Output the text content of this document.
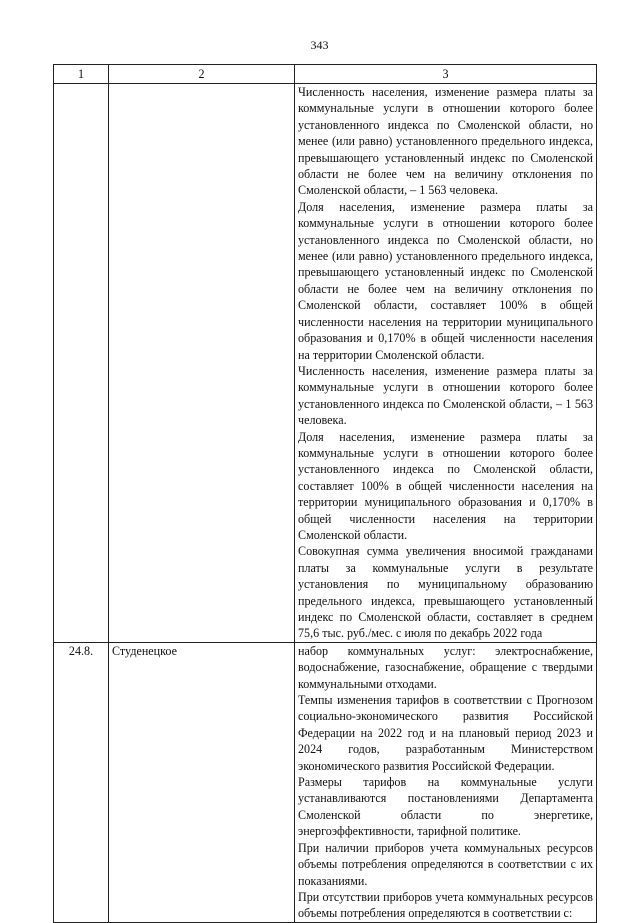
343
1	2	3

		Численность населения, изменение размера платы за коммунальные услуги в отношении которого более установленного индекса по Смоленской области, но менее (или равно) установленного предельного индекса, превышающего установленный индекс по Смоленской области не более чем на величину отклонения по Смоленской области, – 1 563 человека.

Доля населения, изменение размера платы за коммунальные услуги в отношении которого более установленного индекса по Смоленской области, но менее (или равно) установленного предельного индекса, превышающего установленный индекс по Смоленской области не более чем на величину отклонения по Смоленской области, составляет 100% в общей численности населения на территории муниципального образования и 0,170% в общей численности населения на территории Смоленской области.

Численность населения, изменение размера платы за коммунальные услуги в отношении которого более установленного индекса по Смоленской области, – 1 563 человека.

Доля населения, изменение размера платы за коммунальные услуги в отношении которого более установленного индекса по Смоленской области, составляет 100% в общей численности населения на территории муниципального образования и 0,170% в общей численности населения на территории Смоленской области.

Совокупная сумма увеличения вносимой гражданами платы за коммунальные услуги в результате установления по муниципальному образованию предельного индекса, превышающего установленный индекс по Смоленской области, составляет в среднем 75,6 тыс. руб./мес. с июля по декабрь 2022 года

24.8.	Студенецкое	набор коммунальных услуг: электроснабжение, водоснабжение, газоснабжение, обращение с твердыми коммунальными отходами.

Темпы изменения тарифов в соответствии с Прогнозом социально-экономического развития Российской Федерации на 2022 год и на плановый период 2023 и 2024 годов, разработанным Министерством экономического развития Российской Федерации.

Размеры тарифов на коммунальные услуги устанавливаются постановлениями Департамента Смоленской области по энергетике, энергоэффективности, тарифной политике.

При наличии приборов учета коммунальных ресурсов объемы потребления определяются в соответствии с их показаниями.

При отсутствии приборов учета коммунальных ресурсов объемы потребления определяются в соответствии с:
